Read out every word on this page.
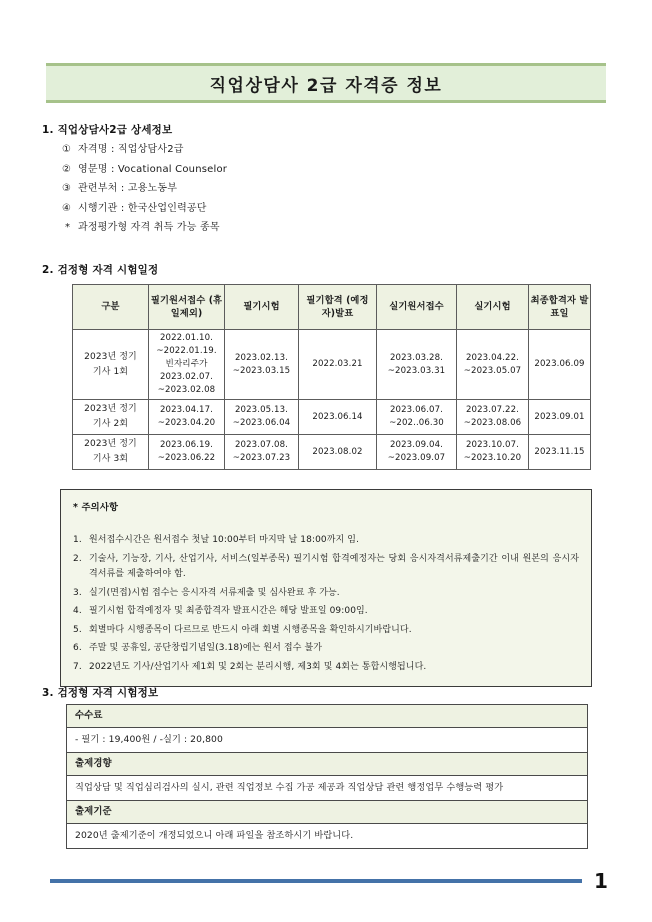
직업상담사 2급 자격증 정보
1. 직업상담사2급 상세정보
① 자격명 : 직업상담사2급
② 영문명 : Vocational Counselor
③ 관련부처 : 고용노동부
④ 시행기관 : 한국산업인력공단
* 과정평가형 자격 취득 가능 종목
2. 검정형 자격 시험일정
구분	필기원서접수 (휴일제외)	필기시험	필기합격 (예정자)발표	실기원서접수	실기시험	최종합격자 발표일

2023년 정기
기사 1회	2022.01.10.
~2022.01.19.
빈자리주가
2023.02.07.
~2023.02.08	2023.02.13.
~2023.03.15	2022.03.21	2023.03.28.
~2023.03.31	2023.04.22.
~2023.05.07	2023.06.09

2023년 정기
기사 2회	2023.04.17.
~2023.04.20	2023.05.13.
~2023.06.04	2023.06.14	2023.06.07.
~202..06.30	2023.07.22.
~2023.08.06	2023.09.01

2023년 정기
기사 3회	2023.06.19.
~2023.06.22	2023.07.08.
~2023.07.23	2023.08.02	2023.09.04.
~2023.09.07	2023.10.07.
~2023.10.20	2023.11.15
* 주의사항
1. 원서접수시간은 원서접수 첫날 10:00부터 마지막 날 18:00까지 임.
2. 기술사, 기능장, 기사, 산업기사, 서비스(일부종목) 필기시험 합격예정자는 당회 응시자격서류제출기간 이내 원본의 응시자격서류를 제출하여야 함.
3. 실기(면접)시험 접수는 응시자격 서류제출 및 심사완료 후 가능.
4. 필기시험 합격예정자 및 최종합격자 발표시간은 해당 발표일 09:00임.
5. 회별마다 시행종목이 다르므로 반드시 아래 회별 시행종목을 확인하시기바랍니다.
6. 주말 및 공휴일, 공단창립기념일(3.18)에는 원서 접수 불가
7. 2022년도 기사/산업기사 제1회 및 2회는 분리시행, 제3회 및 4회는 통합시행됩니다.
3. 검정형 자격 시험정보
수수료
- 필기 : 19,400원 / -실기 : 20,800
출제경향
직업상담 및 직업심리검사의 실시, 관련 직업정보 수집 가공 제공과 직업상담 관련 행정업무 수행능력 평가
출제기준
2020년 출제기준이 개정되었으니 아래 파일을 참조하시기 바랍니다.
1
